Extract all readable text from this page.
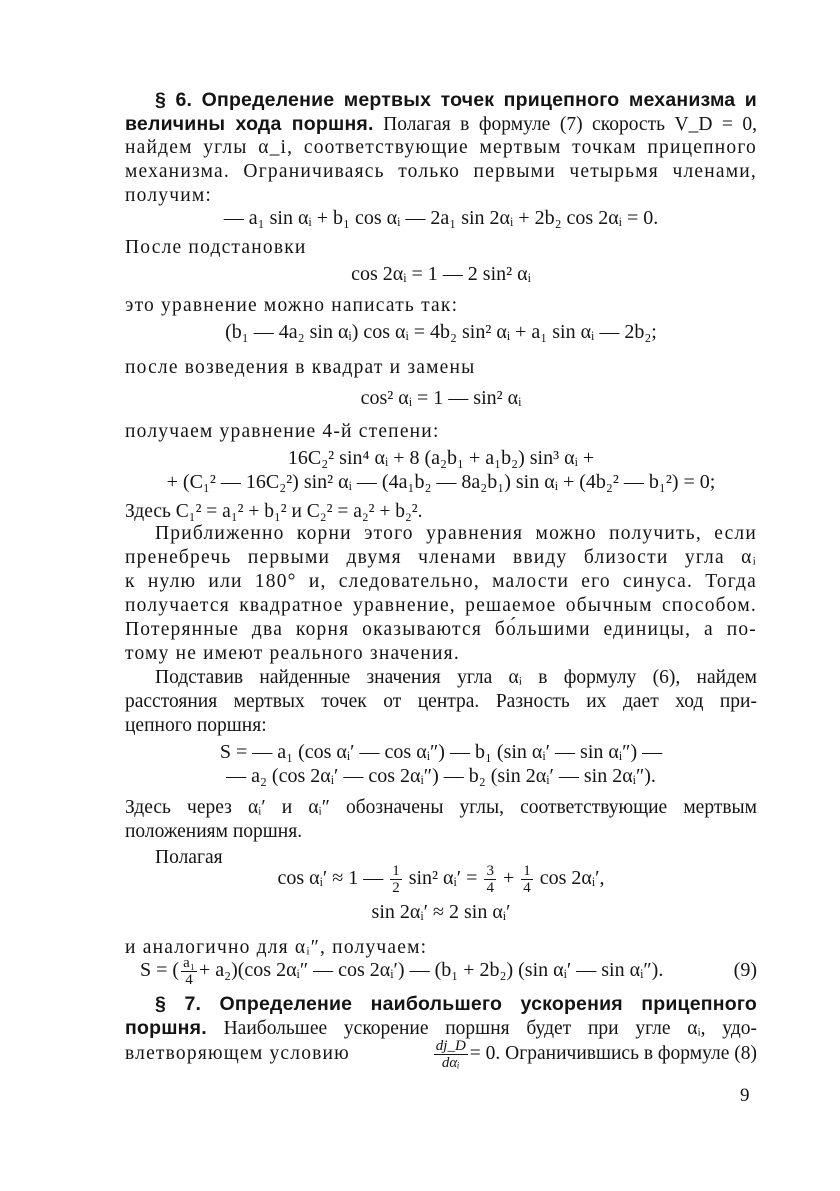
§ 6. Определение мертвых точек прицепного механизма и
величины хода поршня. Полагая в формуле (7) скорость V_D = 0,
найдем углы α_i, соответствующие мертвым точкам прицепного
механизма. Ограничиваясь только первыми четырьмя членами,
получим:
— a₁ sin αᵢ + b₁ cos αᵢ — 2a₁ sin 2αᵢ + 2b₂ cos 2αᵢ = 0.
После подстановки
cos 2αᵢ = 1 — 2 sin² αᵢ
это уравнение можно написать так:
(b₁ — 4a₂ sin αᵢ) cos αᵢ = 4b₂ sin² αᵢ + a₁ sin αᵢ — 2b₂;
после возведения в квадрат и замены
cos² αᵢ = 1 — sin² αᵢ
получаем уравнение 4-й степени:
16C₂² sin⁴ αᵢ + 8 (a₂b₁ + a₁b₂) sin³ αᵢ +
+ (C₁² — 16C₂²) sin² αᵢ — (4a₁b₂ — 8a₂b₁) sin αᵢ + (4b₂² — b₁²) = 0;
Здесь C₁² = a₁² + b₁² и C₂² = a₂² + b₂².
Приближенно корни этого уравнения можно получить, если
пренебречь первыми двумя членами ввиду близости угла αᵢ
к нулю или 180° и, следовательно, малости его синуса. Тогда
получается квадратное уравнение, решаемое обычным способом.
Потерянные два корня оказываются бо́льшими единицы, а по-
тому не имеют реального значения.
Подставив найденные значения угла αᵢ в формулу (6), найдем
расстояния мертвых точек от центра. Разность их дает ход при-
цепного поршня:
S = — a₁ (cos αᵢ′ — cos αᵢ″) — b₁ (sin αᵢ′ — sin αᵢ″) —
— a₂ (cos 2αᵢ′ — cos 2αᵢ″) — b₂ (sin 2αᵢ′ — sin 2αᵢ″).
Здесь через αᵢ′ и αᵢ″ обозначены углы, соответствующие мертвым
положениям поршня.
Полагая
cos αᵢ′ ≈ 1 — $\frac{1}{2} \sin^2$ αᵢ′ = $\frac{3}{4} + \frac{1}{4}$ cos 2αᵢ′,
sin 2αᵢ′ ≈ 2 sin αᵢ′
и аналогично для αᵢ″, получаем:
S = ( $\frac{\text{a₁}}{4} + a_2)(\cos$ 2αᵢ″ — cos 2αᵢ′) — (b₁ + 2b₂) (sin αᵢ′ — sin αᵢ″).	(9)
§ 7. Определение наибольшего ускорения прицепного
поршня. Наибольшее ускорение поршня будет при угле αᵢ, удо-
влетворяющем условию	$\frac{dj\_D}{\text{dαᵢ}} = 0$. Ограничившись в формуле (8)
9
